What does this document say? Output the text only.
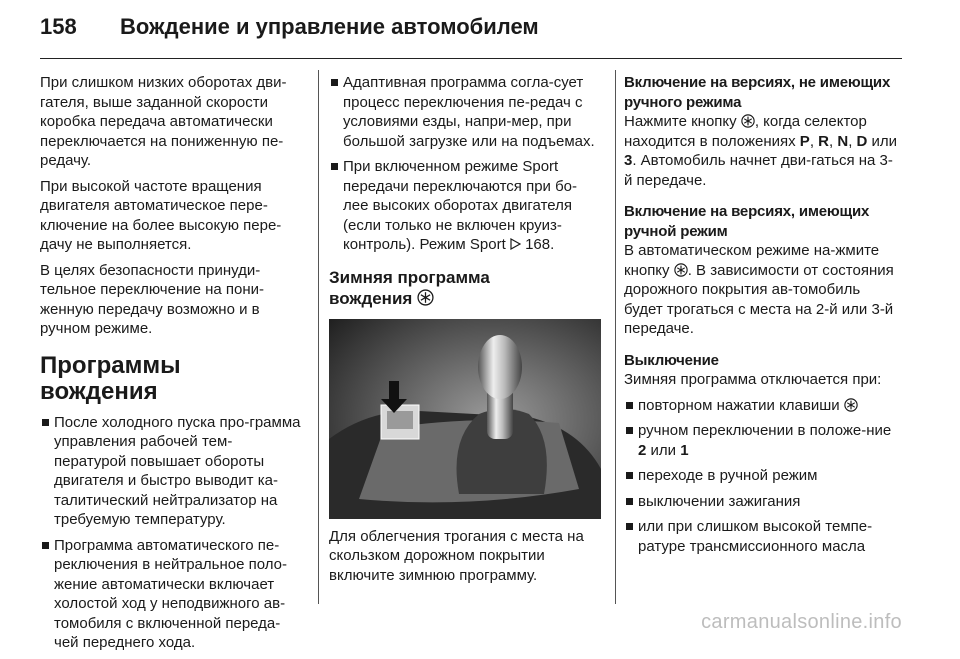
158	Вождение и управление автомобилем

При слишком низких оборотах дви-гателя, выше заданной скорости коробка передача автоматически переключается на пониженную пе-редачу.

При высокой частоте вращения двигателя автоматическое пере-ключение на более высокую пере-дачу не выполняется.

В целях безопасности принуди-тельное переключение на пони-женную передачу возможно и в ручном режиме.

Программы вождения
После холодного пуска про-грамма управления рабочей тем-пературой повышает обороты двигателя и быстро выводит ка-талитический нейтрализатор на требуемую температуру.
Программа автоматического пе-реключения в нейтральное поло-жение автоматически включает холостой ход у неподвижного ав-томобиля с включенной переда-чей переднего хода.
Адаптивная программа согла-сует процесс переключения пе-редач с условиями езды, напри-мер, при большой загрузке или на подъемах.
При включенном режиме Sport передачи переключаются при бо-лее высоких оборотах двигателя (если только не включен круиз-контроль). Режим Sport 168.
Зимняя программа
вождения

Для облегчения трогания с места на скользком дорожном покрытии включите зимнюю программу.

Включение на версиях, не имеющих ручного режима

Нажмите кнопку , когда селектор находится в положениях P, R, N, D или 3. Автомобиль начнет дви-гаться на 3-й передаче.

Включение на версиях, имеющих ручной режим

В автоматическом режиме на-жмите кнопку . В зависимости от состояния дорожного покрытия ав-томобиль будет трогаться с места на 2-й или 3-й передаче.

Выключение

Зимняя программа отключается при:

повторном нажатии клавиши
ручном переключении в положе-ние 2 или 1
переходе в ручной режим
выключении зажигания
или при слишком высокой темпе-ратуре трансмиссионного масла
carmanualsonline.info
